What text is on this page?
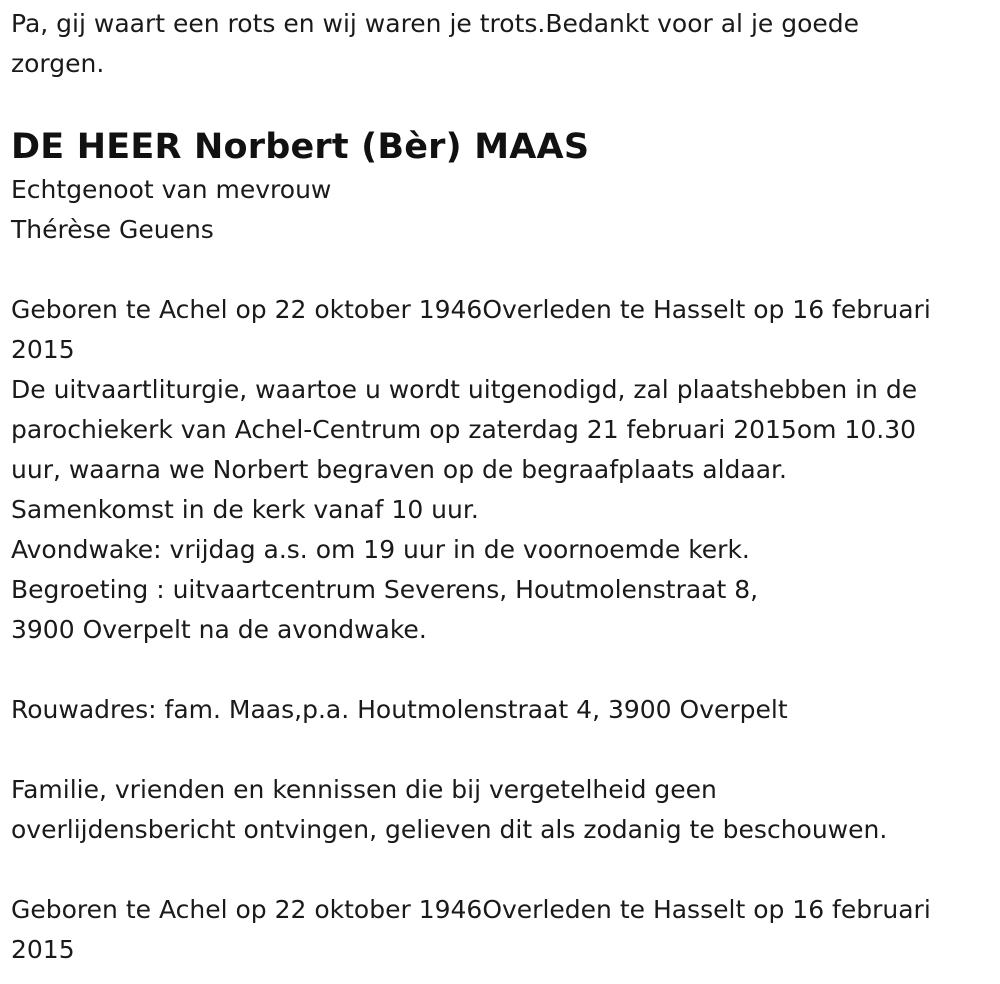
Pa, gij waart een rots en wij waren je trots.Bedankt voor al je goede
zorgen.

DE HEER Norbert (Bèr) MAAS

Echtgenoot van mevrouw
Thérèse Geuens

Geboren te Achel op 22 oktober 1946Overleden te Hasselt op 16 februari
2015

De uitvaartliturgie, waartoe u wordt uitgenodigd, zal plaatshebben in de
parochiekerk van Achel-Centrum op zaterdag 21 februari 2015om 10.30
uur, waarna we Norbert begraven op de begraafplaats aldaar.
Samenkomst in de kerk vanaf 10 uur.
Avondwake: vrijdag a.s. om 19 uur in de voornoemde kerk.
Begroeting : uitvaartcentrum Severens, Houtmolenstraat 8,
3900 Overpelt na de avondwake.

Rouwadres: fam. Maas,p.a. Houtmolenstraat 4, 3900 Overpelt

Familie, vrienden en kennissen die bij vergetelheid geen
overlijdensbericht ontvingen, gelieven dit als zodanig te beschouwen.

Geboren te Achel op 22 oktober 1946Overleden te Hasselt op 16 februari
2015
